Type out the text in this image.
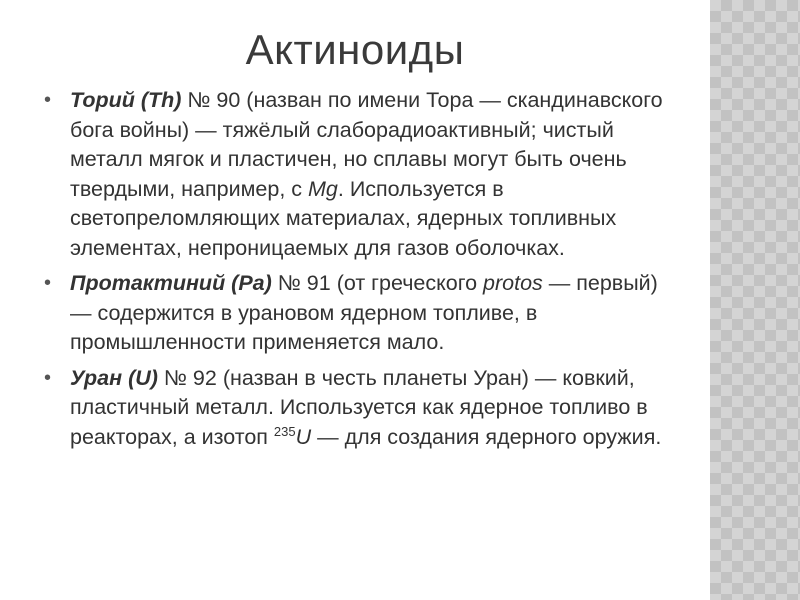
Актиноиды
• Торий (Th) № 90 (назван по имени Тора — скандинавского бога войны) — тяжёлый слаборадиоактивный; чистый металл мягок и пластичен, но сплавы могут быть очень твердыми, например, с Mg. Используется в светопреломляющих материалах, ядерных топливных элементах, непроницаемых для газов оболочках.
• Протактиний (Pa) № 91 (от греческого protos — первый) — содержится в урановом ядерном топливе, в промышленности применяется мало.
• Уран (U) № 92 (назван в честь планеты Уран) — ковкий, пластичный металл. Используется как ядерное топливо в реакторах, а изотоп $^{235}$U — для создания ядерного оружия.
